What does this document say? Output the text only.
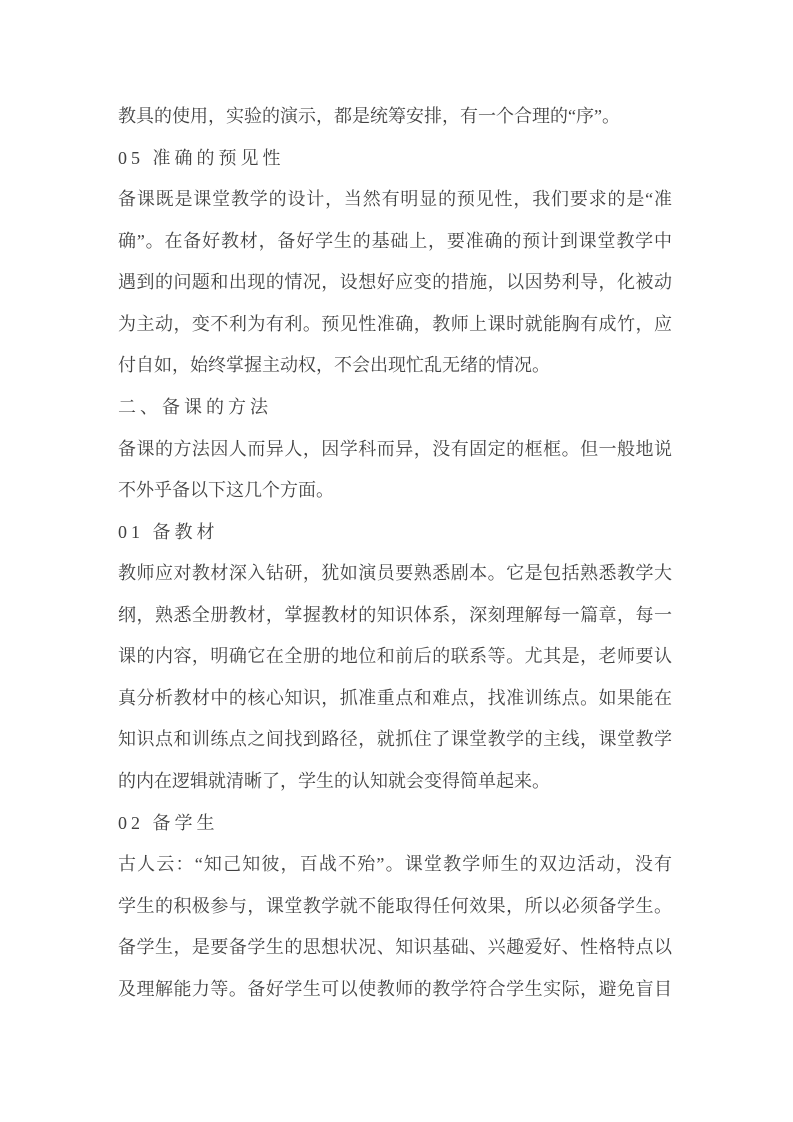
教具的使用，实验的演示，都是统筹安排，有一个合理的“序”。
05 准确的预见性
备课既是课堂教学的设计，当然有明显的预见性，我们要求的是“准
确”。在备好教材，备好学生的基础上，要准确的预计到课堂教学中
遇到的问题和出现的情况，设想好应变的措施，以因势利导，化被动
为主动，变不利为有利。预见性准确，教师上课时就能胸有成竹，应
付自如，始终掌握主动权，不会出现忙乱无绪的情况。
二、备课的方法
备课的方法因人而异人，因学科而异，没有固定的框框。但一般地说
不外乎备以下这几个方面。
01 备教材
教师应对教材深入钻研，犹如演员要熟悉剧本。它是包括熟悉教学大
纲，熟悉全册教材，掌握教材的知识体系，深刻理解每一篇章，每一
课的内容，明确它在全册的地位和前后的联系等。尤其是，老师要认
真分析教材中的核心知识，抓准重点和难点，找准训练点。如果能在
知识点和训练点之间找到路径，就抓住了课堂教学的主线，课堂教学
的内在逻辑就清晰了，学生的认知就会变得简单起来。
02 备学生
古人云：“知己知彼，百战不殆”。课堂教学师生的双边活动，没有
学生的积极参与，课堂教学就不能取得任何效果，所以必须备学生。
备学生，是要备学生的思想状况、知识基础、兴趣爱好、性格特点以
及理解能力等。备好学生可以使教师的教学符合学生实际，避免盲目
